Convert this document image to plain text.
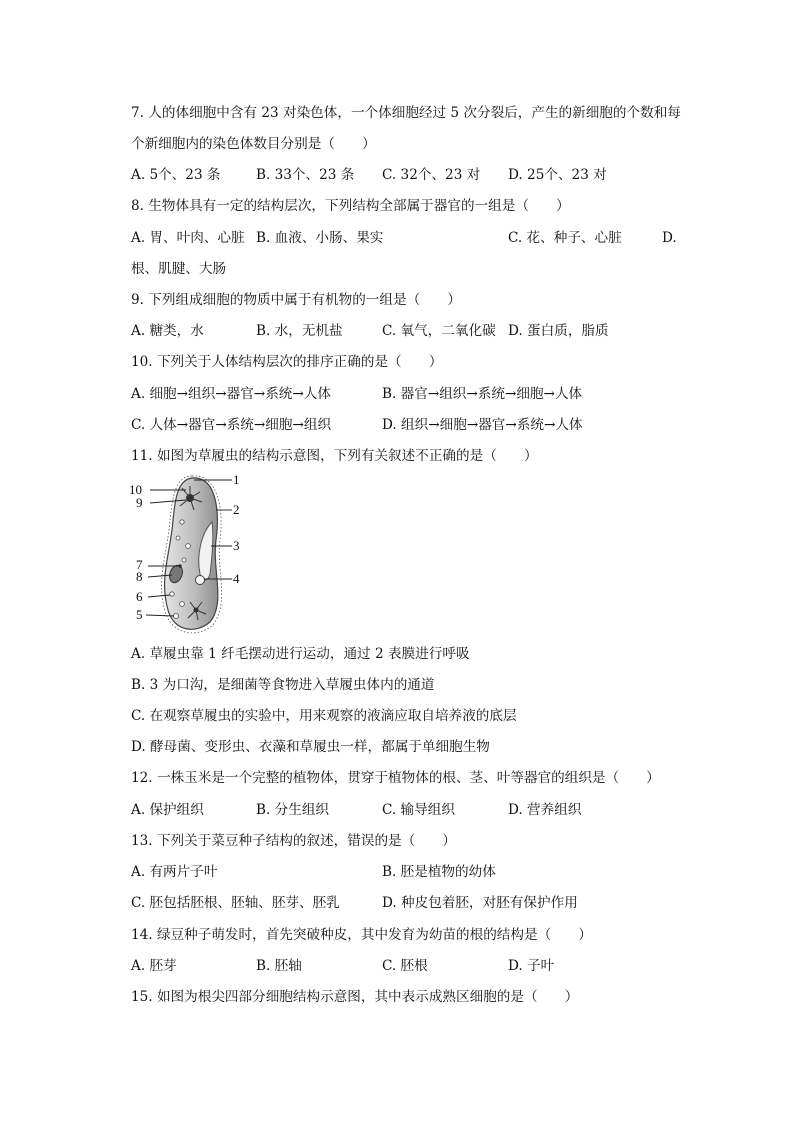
7. 人的体细胞中含有 23 对染色体，一个体细胞经过 5 次分裂后，产生的新细胞的个数和每
个新细胞内的染色体数目分别是（　　）
A. 5个、23 条	B. 33个、23 条 C. 32个、23 对 D. 25个、23 对
8. 生物体具有一定的结构层次，下列结构全部属于器官的一组是（　　）
A. 胃、叶肉、心脏 B. 血液、小肠、果实	C. 花、种子、心脏	D.
根、肌腱、大肠
9. 下列组成细胞的物质中属于有机物的一组是（　　）
A. 糖类，水	B. 水，无机盐	C. 氧气，二氧化碳 D. 蛋白质，脂质
10. 下列关于人体结构层次的排序正确的是（　　）
A. 细胞→组织→器官→系统→人体	B. 器官→组织→系统→细胞→人体
C. 人体→器官→系统→细胞→组织	D. 组织→细胞→器官→系统→人体
11. 如图为草履虫的结构示意图，下列有关叙述不正确的是（　　）
1
2
3
4
5
6
7
8
9
10
A. 草履虫靠 1 纤毛摆动进行运动，通过 2 表膜进行呼吸
B. 3 为口沟，是细菌等食物进入草履虫体内的通道
C. 在观察草履虫的实验中，用来观察的液滴应取自培养液的底层
D. 酵母菌、变形虫、衣藻和草履虫一样，都属于单细胞生物
12. 一株玉米是一个完整的植物体，贯穿于植物体的根、茎、叶等器官的组织是（　　）
A. 保护组织	B. 分生组织	C. 输导组织	D. 营养组织
13. 下列关于菜豆种子结构的叙述，错误的是（　　）
A. 有两片子叶	B. 胚是植物的幼体
C. 胚包括胚根、胚轴、胚芽、胚乳	D. 种皮包着胚，对胚有保护作用
14. 绿豆种子萌发时，首先突破种皮，其中发育为幼苗的根的结构是（　　）
A. 胚芽	B. 胚轴	C. 胚根	D. 子叶
15. 如图为根尖四部分细胞结构示意图，其中表示成熟区细胞的是（　　）
